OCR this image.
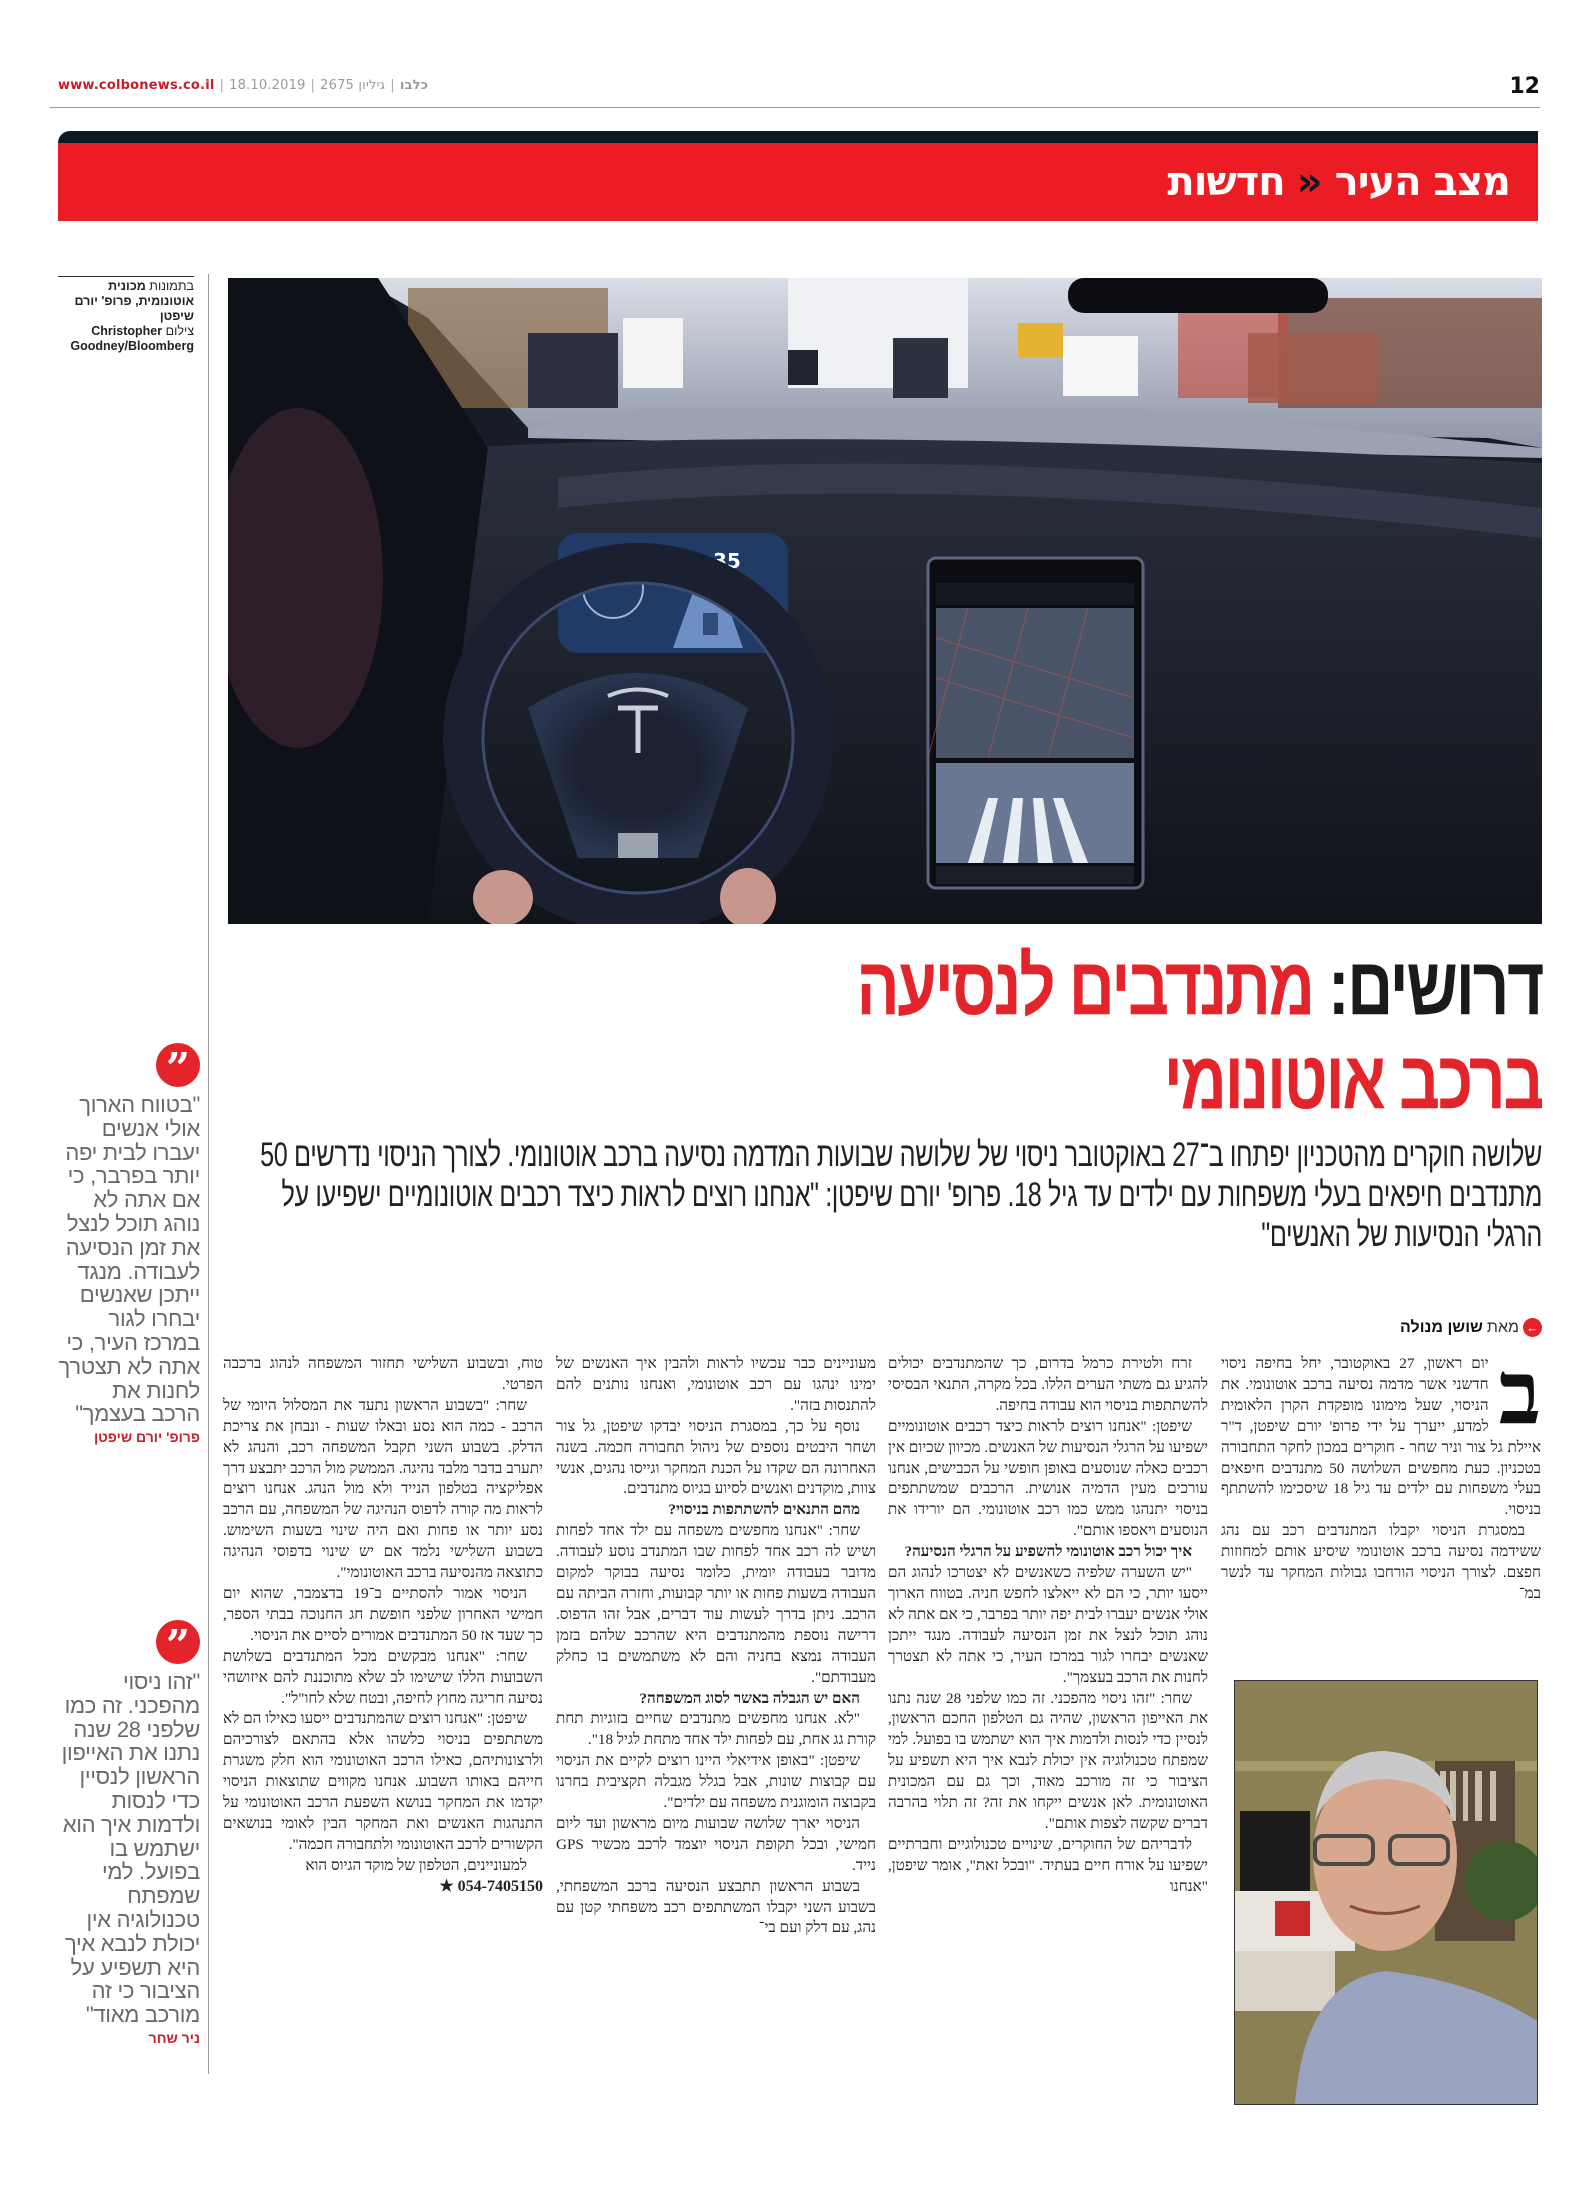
www.colbonews.co.il |	כלבו|גיליון 2675|18.10.2019	12
מצב העיר
«
חדשות
בתמונות מכונית אוטונומית, פרופ' יורם שיפטן
צילום Christopher Goodney/Bloomberg
35
”
"בטווח הארוך אולי אנשים יעברו לבית יפה יותר בפרבר, כי אם אתה לא נוהג תוכל לנצל את זמן הנסיעה לעבודה. מנגד ייתכן שאנשים יבחרו לגור במרכז העיר, כי אתה לא תצטרך לחנות את הרכב בעצמך"
פרופ' יורם שיפטן
”
"זהו ניסוי מהפכני. זה כמו שלפני 28 שנה נתנו את האייפון הראשון לנסיין כדי לנסות ולדמות איך הוא ישתמש בו בפועל. למי שמפתח טכנולוגיה אין יכולת לנבא איך היא תשפיע על הציבור כי זה מורכב מאוד"
ניר שחר
דרושים: מתנדבים לנסיעה
ברכב אוטונומי
שלושה חוקרים מהטכניון יפתחו ב־27 באוקטובר ניסוי של שלושה שבועות המדמה נסיעה ברכב אוטונומי. לצורך הניסוי נדרשים 50 מתנדבים חיפאים בעלי משפחות עם ילדים עד גיל 18. פרופ' יורם שיפטן: "אנחנו רוצים לראות כיצד רכבים אוטונומיים ישפיעו על הרגלי הנסיעות של האנשים"
←
מאת
שושן מנולה
ב

יום ראשון, 27 באוקטובר, יחל בחיפה ניסוי חדשני אשר מדמה נסיעה ברכב אוטונומי. את הניסוי, שעל מימונו מופקדת הקרן הלאומית למדע, ייערך על ידי פרופ' יורם שיפטן, ד"ר איילת גל צור וניר שחר - חוקרים במכון לחקר התחבורה בטכניון. כעת מחפשים השלושה 50 מתנדבים חיפאים בעלי משפחות עם ילדים עד גיל 18 שיסכימו להשתתף בניסוי.

במסגרת הניסוי יקבלו המתנדבים רכב עם נהג ששידמה נסיעה ברכב אוטונומי שיסיע אותם למחוזות חפצם. לצורך הניסוי הורחבו גבולות המחקר עד לנשר במ־

זרח ולטירת כרמל בדרום, כך שהמתנדבים יכולים להגיע גם משתי הערים הללו. בכל מקרה, התנאי הבסיסי להשתתפות בניסוי הוא עבודה בחיפה.

שיפטן: "אנחנו רוצים לראות כיצד רכבים אוטונומיים ישפיעו על הרגלי הנסיעות של האנשים. מכיוון שכיום אין רכבים כאלה שנוסעים באופן חופשי על הכבישים, אנחנו עורכים מעין הדמיה אנושית. הרכבים שמשתתפים בניסוי יתנהגו ממש כמו רכב אוטונומי. הם יורידו את הנוסעים ויאספו אותם".

איך יכול רכב אוטונומי להשפיע על הרגלי הנסיעה?

"יש השערה שלפיה כשאנשים לא יצטרכו לנהוג הם ייסעו יותר, כי הם לא ייאלצו לחפש חניה. בטווח הארוך אולי אנשים יעברו לבית יפה יותר בפרבר, כי אם אתה לא נוהג תוכל לנצל את זמן הנסיעה לעבודה. מנגד ייתכן שאנשים יבחרו לגור במרכז העיר, כי אתה לא תצטרך לחנות את הרכב בעצמך".

שחר: "זהו ניסוי מהפכני. זה כמו שלפני 28 שנה נתנו את האייפון הראשון, שהיה גם הטלפון החכם הראשון, לנסיין כדי לנסות ולדמות איך הוא ישתמש בו בפועל. למי שמפתח טכנולוגיה אין יכולת לנבא איך היא תשפיע על הציבור כי זה מורכב מאוד, וכך גם עם המכונית האוטונומית. לאן אנשים ייקחו את זה? זה תלוי בהרבה דברים שקשה לצפות אותם".

לדבריהם של החוקרים, שינויים טכנולוגיים וחברתיים ישפיעו על אורח חיים בעתיד. "ובכל זאת", אומר שיפטן, "אנחנו

מעוניינים כבר עכשיו לראות ולהבין איך האנשים של ימינו ינהגו עם רכב אוטונומי, ואנחנו נותנים להם להתנסות בזה".

נוסף על כך, במסגרת הניסוי יבדקו שיפטן, גל צור ושחר היבטים נוספים של ניהול תחבורה חכמה. בשנה האחרונה הם שקדו על הכנת המחקר וגייסו נהגים, אנשי צוות, מוקדנים ואנשים לסיוע בגיוס מתנדבים.

מהם התנאים להשתתפות בניסוי?

שחר: "אנחנו מחפשים משפחה עם ילד אחד לפחות ושיש לה רכב אחד לפחות שבו המתנדב נוסע לעבודה. מדובר בעבודה יומית, כלומר נסיעה בבוקר למקום העבודה בשעות פחות או יותר קבועות, וחזרה הביתה עם הרכב. ניתן בדרך לעשות עוד דברים, אבל זהו הדפוס. דרישה נוספת מהמתנדבים היא שהרכב שלהם בזמן העבודה נמצא בחניה והם לא משתמשים בו כחלק מעבודתם".

האם יש הגבלה באשר לסוג המשפחה?

"לא. אנחנו מחפשים מתנדבים שחיים בזוגיות תחת קורת גג אחת, עם לפחות ילד אחד מתחת לגיל 18".

שיפטן: "באופן אידיאלי היינו רוצים לקיים את הניסוי עם קבוצות שונות, אבל בגלל מגבלה תקציבית בחרנו בקבוצה הומוגנית משפחה עם ילדים".

הניסוי יארך שלושה שבועות מיום מראשון ועד ליום חמישי, ובכל תקופת הניסוי יוצמד לרכב מכשיר GPS נייד.

בשבוע הראשון תתבצע הנסיעה ברכב המשפחתי, בשבוע השני יקבלו המשתתפים רכב משפחתי קטן עם נהג, עם דלק ועם בי־

טוח, ובשבוע השלישי תחזור המשפחה לנהוג ברכבה הפרטי.

שחר: "בשבוע הראשון נתעד את המסלול היומי של הרכב - כמה הוא נסע ובאלו שעות - ונבחן את צריכת הדלק. בשבוע השני תקבל המשפחה רכב, והנהג לא יתערב בדבר מלבד נהיגה. הממשק מול הרכב יתבצע דרך אפליקציה בטלפון הנייד ולא מול הנהג. אנחנו רוצים לראות מה קורה לדפוס הנהיגה של המשפחה, עם הרכב נסע יותר או פחות ואם היה שינוי בשעות השימוש. בשבוע השלישי נלמד אם יש שינוי בדפוסי הנהיגה כתוצאה מהנסיעה ברכב האוטונומי".

הניסוי אמור להסתיים ב־19 בדצמבר, שהוא יום חמישי האחרון שלפני חופשת חג החנוכה בבתי הספר, כך שעד אז 50 המתנדבים אמורים לסיים את הניסוי.

שחר: "אנחנו מבקשים מכל המתנדבים בשלושת השבועות הללו שישימו לב שלא מתוכננת להם איזושהי נסיעה חריגה מחוץ לחיפה, ובטח שלא לחו"ל".

שיפטן: "אנחנו רוצים שהמתנדבים ייסעו כאילו הם לא משתתפים בניסוי כלשהו אלא בהתאם לצורכיהם ולרצונותיהם, כאילו הרכב האוטונומי הוא חלק משגרת חייהם באותו השבוע. אנחנו מקווים שתוצאות הניסוי יקדמו את המחקר בנושא השפעת הרכב האוטונומי על התנהגות האנשים ואת המחקר הבין לאומי בנושאים הקשורים לרכב האוטונומי ולתחבורה חכמה".

למעוניינים, הטלפון של מוקד הגיוס הוא

★ 054-7405150
